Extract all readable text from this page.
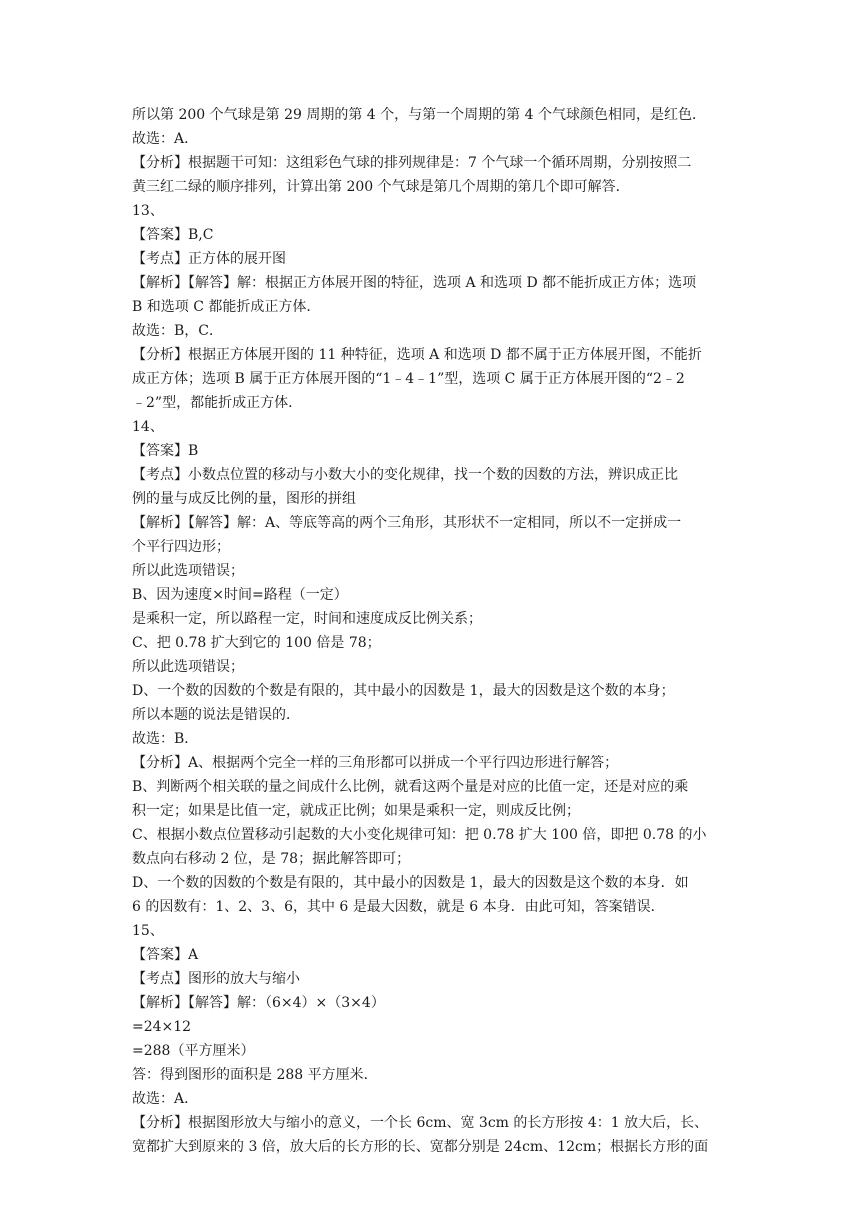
所以第 200 个气球是第 29 周期的第 4 个，与第一个周期的第 4 个气球颜色相同，是红色．
故选：A．
【分析】根据题干可知：这组彩色气球的排列规律是：7 个气球一个循环周期，分别按照二
黄三红二绿的顺序排列，计算出第 200 个气球是第几个周期的第几个即可解答．
13、
【答案】B,C
【考点】正方体的展开图
【解析】【解答】解：根据正方体展开图的特征，选项 A 和选项 D 都不能折成正方体；选项
B 和选项 C 都能折成正方体．
故选：B，C．
【分析】根据正方体展开图的 11 种特征，选项 A 和选项 D 都不属于正方体展开图，不能折
成正方体；选项 B 属于正方体展开图的“1﹣4﹣1”型，选项 C 属于正方体展开图的“2﹣2
﹣2”型，都能折成正方体．
14、
【答案】B
【考点】小数点位置的移动与小数大小的变化规律，找一个数的因数的方法，辨识成正比
例的量与成反比例的量，图形的拼组
【解析】【解答】解：A、等底等高的两个三角形，其形状不一定相同，所以不一定拼成一
个平行四边形；
所以此选项错误；
B、因为速度×时间=路程（一定）
是乘积一定，所以路程一定，时间和速度成反比例关系；
C、把 0.78 扩大到它的 100 倍是 78；
所以此选项错误；
D、一个数的因数的个数是有限的，其中最小的因数是 1，最大的因数是这个数的本身；
所以本题的说法是错误的．
故选：B．
【分析】A、根据两个完全一样的三角形都可以拼成一个平行四边形进行解答；
B、判断两个相关联的量之间成什么比例，就看这两个量是对应的比值一定，还是对应的乘
积一定；如果是比值一定，就成正比例；如果是乘积一定，则成反比例；
C、根据小数点位置移动引起数的大小变化规律可知：把 0.78 扩大 100 倍，即把 0.78 的小
数点向右移动 2 位，是 78；据此解答即可；
D、一个数的因数的个数是有限的，其中最小的因数是 1，最大的因数是这个数的本身．如
6 的因数有：1、2、3、6，其中 6 是最大因数，就是 6 本身．由此可知，答案错误．
15、
【答案】A
【考点】图形的放大与缩小
【解析】【解答】解：（6×4）×（3×4）
=24×12
=288（平方厘米）
答：得到图形的面积是 288 平方厘米．
故选：A．
【分析】根据图形放大与缩小的意义，一个长 6cm、宽 3cm 的长方形按 4：1 放大后，长、
宽都扩大到原来的 3 倍，放大后的长方形的长、宽都分别是 24cm、12cm；根据长方形的面
